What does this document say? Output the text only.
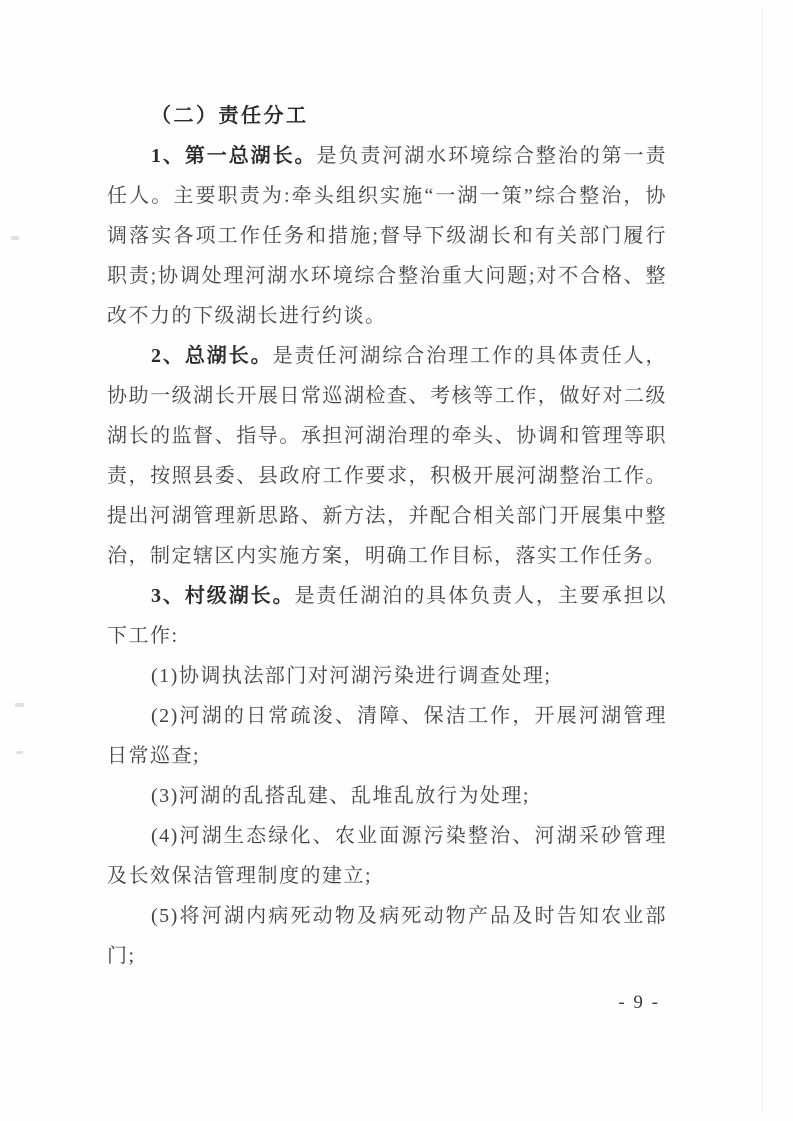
（二）责任分工

1、第一总湖长。是负责河湖水环境综合整治的第一责任人。主要职责为:牵头组织实施“一湖一策”综合整治，协调落实各项工作任务和措施;督导下级湖长和有关部门履行职责;协调处理河湖水环境综合整治重大问题;对不合格、整改不力的下级湖长进行约谈。

2、总湖长。是责任河湖综合治理工作的具体责任人，协助一级湖长开展日常巡湖检查、考核等工作，做好对二级湖长的监督、指导。承担河湖治理的牵头、协调和管理等职责，按照县委、县政府工作要求，积极开展河湖整治工作。提出河湖管理新思路、新方法，并配合相关部门开展集中整治，制定辖区内实施方案，明确工作目标，落实工作任务。

3、村级湖长。是责任湖泊的具体负责人，主要承担以下工作:

(1)协调执法部门对河湖污染进行调查处理;

(2)河湖的日常疏浚、清障、保洁工作，开展河湖管理日常巡查;

(3)河湖的乱搭乱建、乱堆乱放行为处理;

(4)河湖生态绿化、农业面源污染整治、河湖采砂管理及长效保洁管理制度的建立;

(5)将河湖内病死动物及病死动物产品及时告知农业部门;

- 9 -
